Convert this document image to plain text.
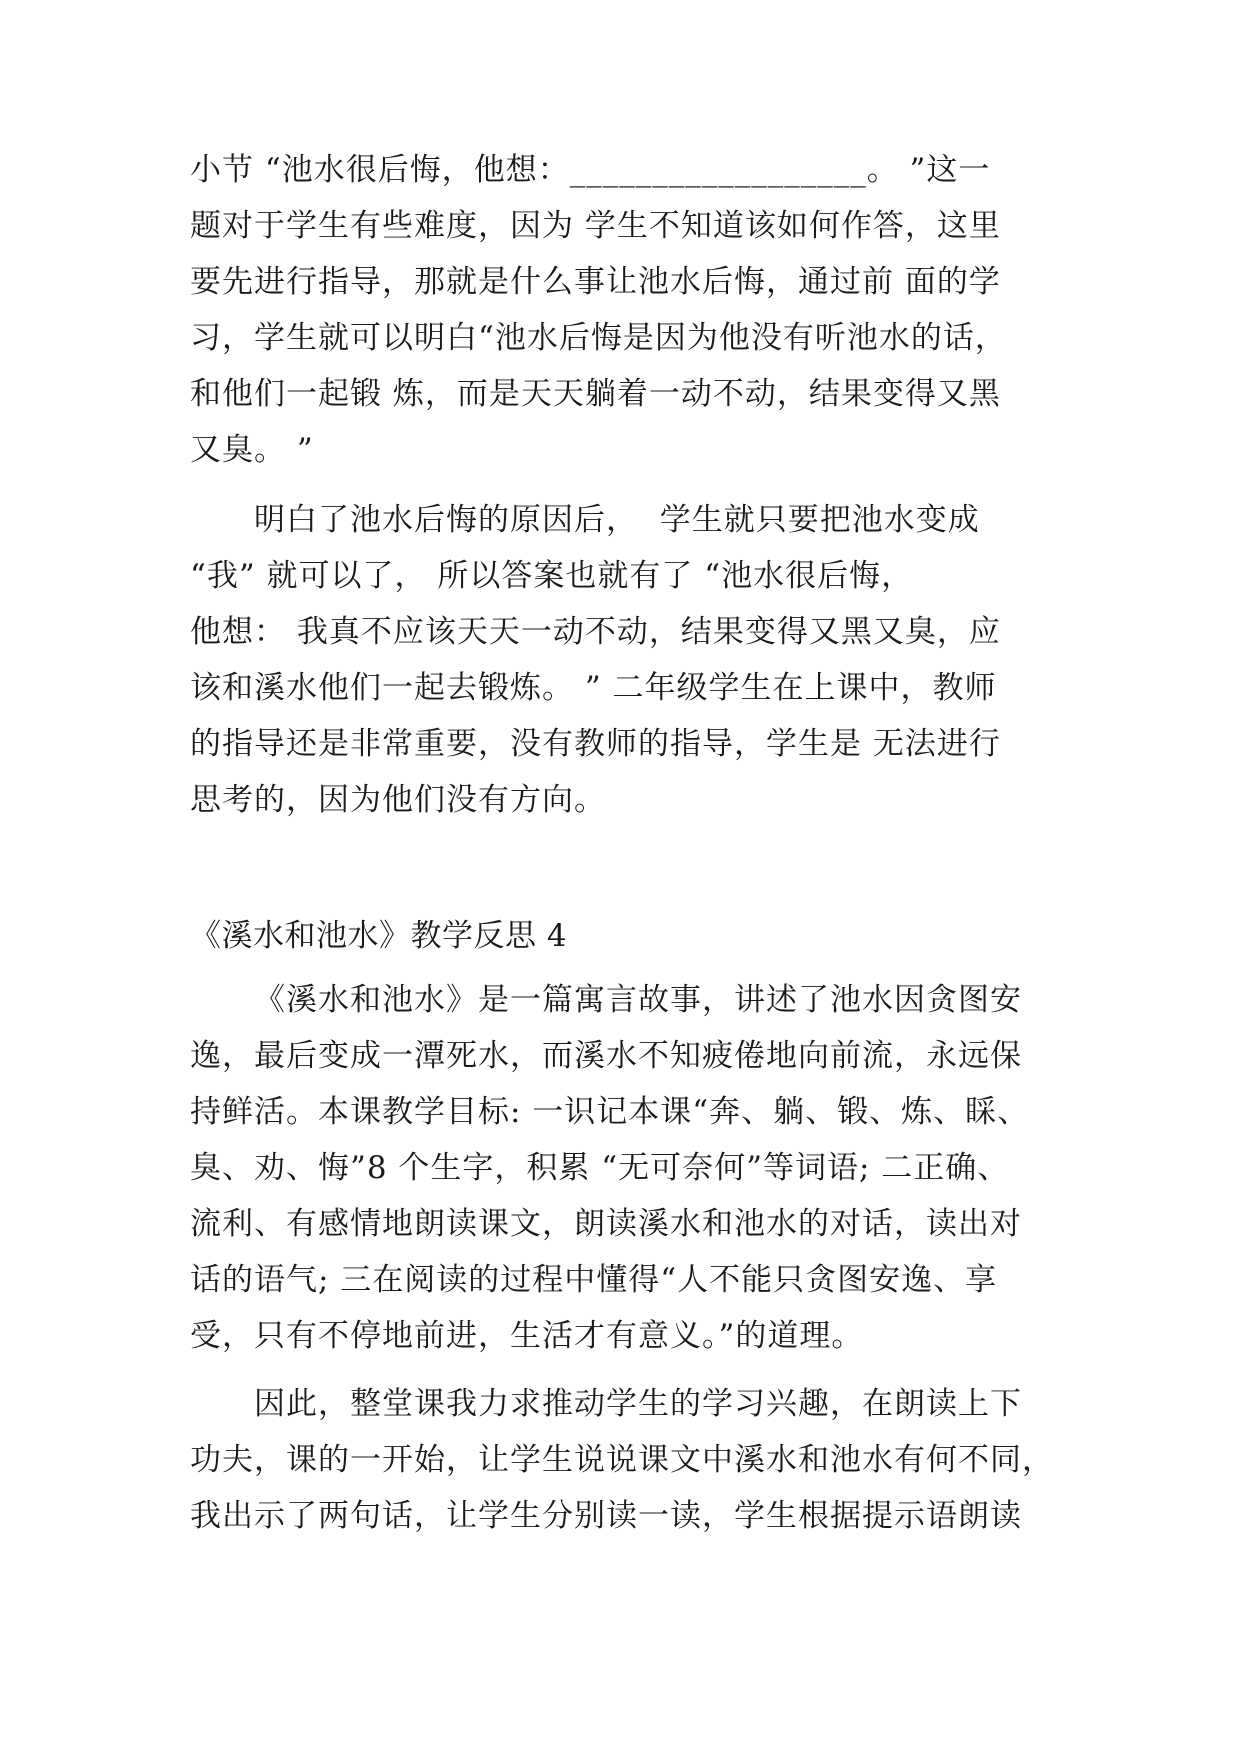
小节 “池水很后悔，他想：__________________。 ”这一
题对于学生有些难度，因为 学生不知道该如何作答，这里
要先进行指导，那就是什么事让池水后悔，通过前 面的学
习，学生就可以明白“池水后悔是因为他没有听池水的话，
和他们一起锻 炼，而是天天躺着一动不动，结果变得又黑
又臭。 ”
明白了池水后悔的原因后，  学生就只要把池水变成
“我” 就可以了， 所以答案也就有了 “池水很后悔，
他想： 我真不应该天天一动不动，结果变得又黑又臭，应
该和溪水他们一起去锻炼。 ” 二年级学生在上课中，教师
的指导还是非常重要，没有教师的指导，学生是 无法进行
思考的，因为他们没有方向。
《溪水和池水》教学反思 4
《溪水和池水》是一篇寓言故事，讲述了池水因贪图安
逸，最后变成一潭死水，而溪水不知疲倦地向前流，永远保
持鲜活。本课教学目标: 一识记本课“奔、躺、锻、炼、睬、
臭、劝、悔”8 个生字，积累 “无可奈何”等词语; 二正确、
流利、有感情地朗读课文，朗读溪水和池水的对话，读出对
话的语气; 三在阅读的过程中懂得“人不能只贪图安逸、享
受，只有不停地前进，生活才有意义。”的道理。
因此，整堂课我力求推动学生的学习兴趣，在朗读上下
功夫，课的一开始，让学生说说课文中溪水和池水有何不同，
我出示了两句话，让学生分别读一读，学生根据提示语朗读
